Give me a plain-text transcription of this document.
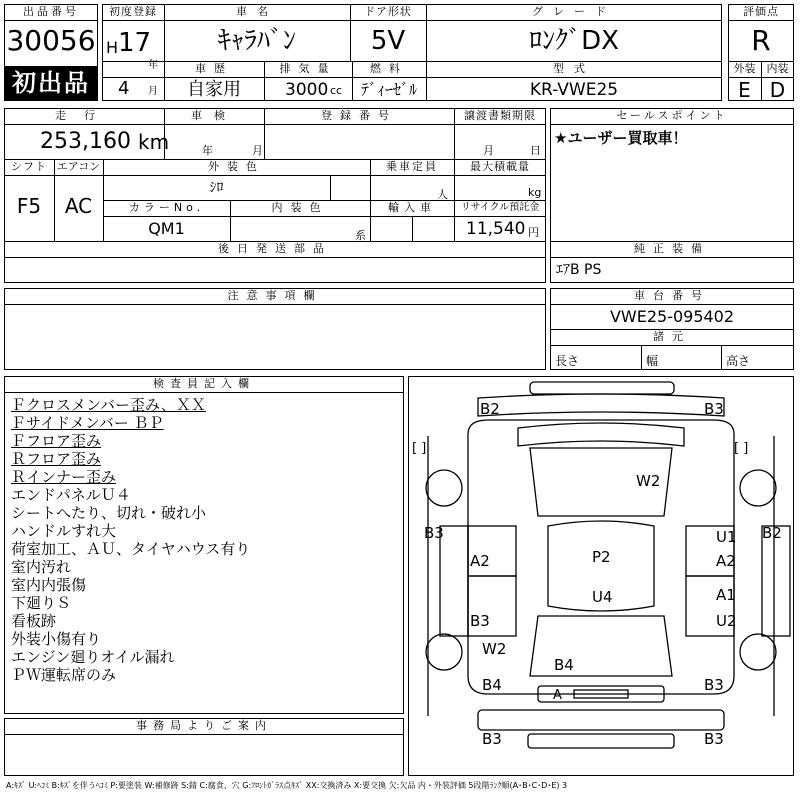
出品番号
30056
初出品
初度登録
H 17
年
4 月
車名
ｷｬﾗﾊﾞﾝ
ドア形状
5V
グレード
ﾛﾝｸﾞDX
車歴
自家用
排気量
3000 cc
燃料
ﾃﾞｨｰｾﾞﾙ
型式
KR-VWE25
評価点
R
外装	内装
E D
走行
253,160 km
車検
年	月
登録番号	譲渡書類期限
月	日
シフト
F5
エアコン
AC
外装色
ｼﾛ
乗車定員
人
最大積載量
kg
カラーNo.
QM1
内装色
系
輸入車	リサイクル預託金
11,540 円
後日発送部品
セールスポイント
★ユーザー買取車！
純正装備
ｴｱB PS
注意事項欄	車台番号
VWE25-095402
諸元
長さ	幅	高さ
検査員記入欄
Ｆクロスメンバー歪み、ＸＸ
Ｆサイドメンバー ＢＰ
Ｆフロア歪み
Ｒフロア歪み
Ｒインナー歪み
エンドパネルＵ４
シートへたり、切れ・破れ小
ハンドルすれ大
荷室加工、ＡＵ、タイヤハウス有り
室内汚れ
室内内張傷
下廻りＳ
看板跡
外装小傷有り
エンジン廻りオイル漏れ
ＰＷ運転席のみ
事務局よりご案内
[ ]	[ ]
B2	B3
W2
B3
A2	P2
U1 B2
A2
U4	A1
B3	U2
W2
B4
B4
A
B3
B3	B3
A:ｷｽﾞ U:ﾍｺﾐ B:ｷｽﾞを伴うﾍｺﾐ P:要塗装 W:補修跡 S:錆 C:腐食、穴 G:ﾌﾛﾝﾄｶﾞﾗｽ点ｷｽﾞ XX:交換済み X:要交換 欠:欠品 内・外装評価 5段階ﾗﾝｸ順(A･B･C･D･E) 3
